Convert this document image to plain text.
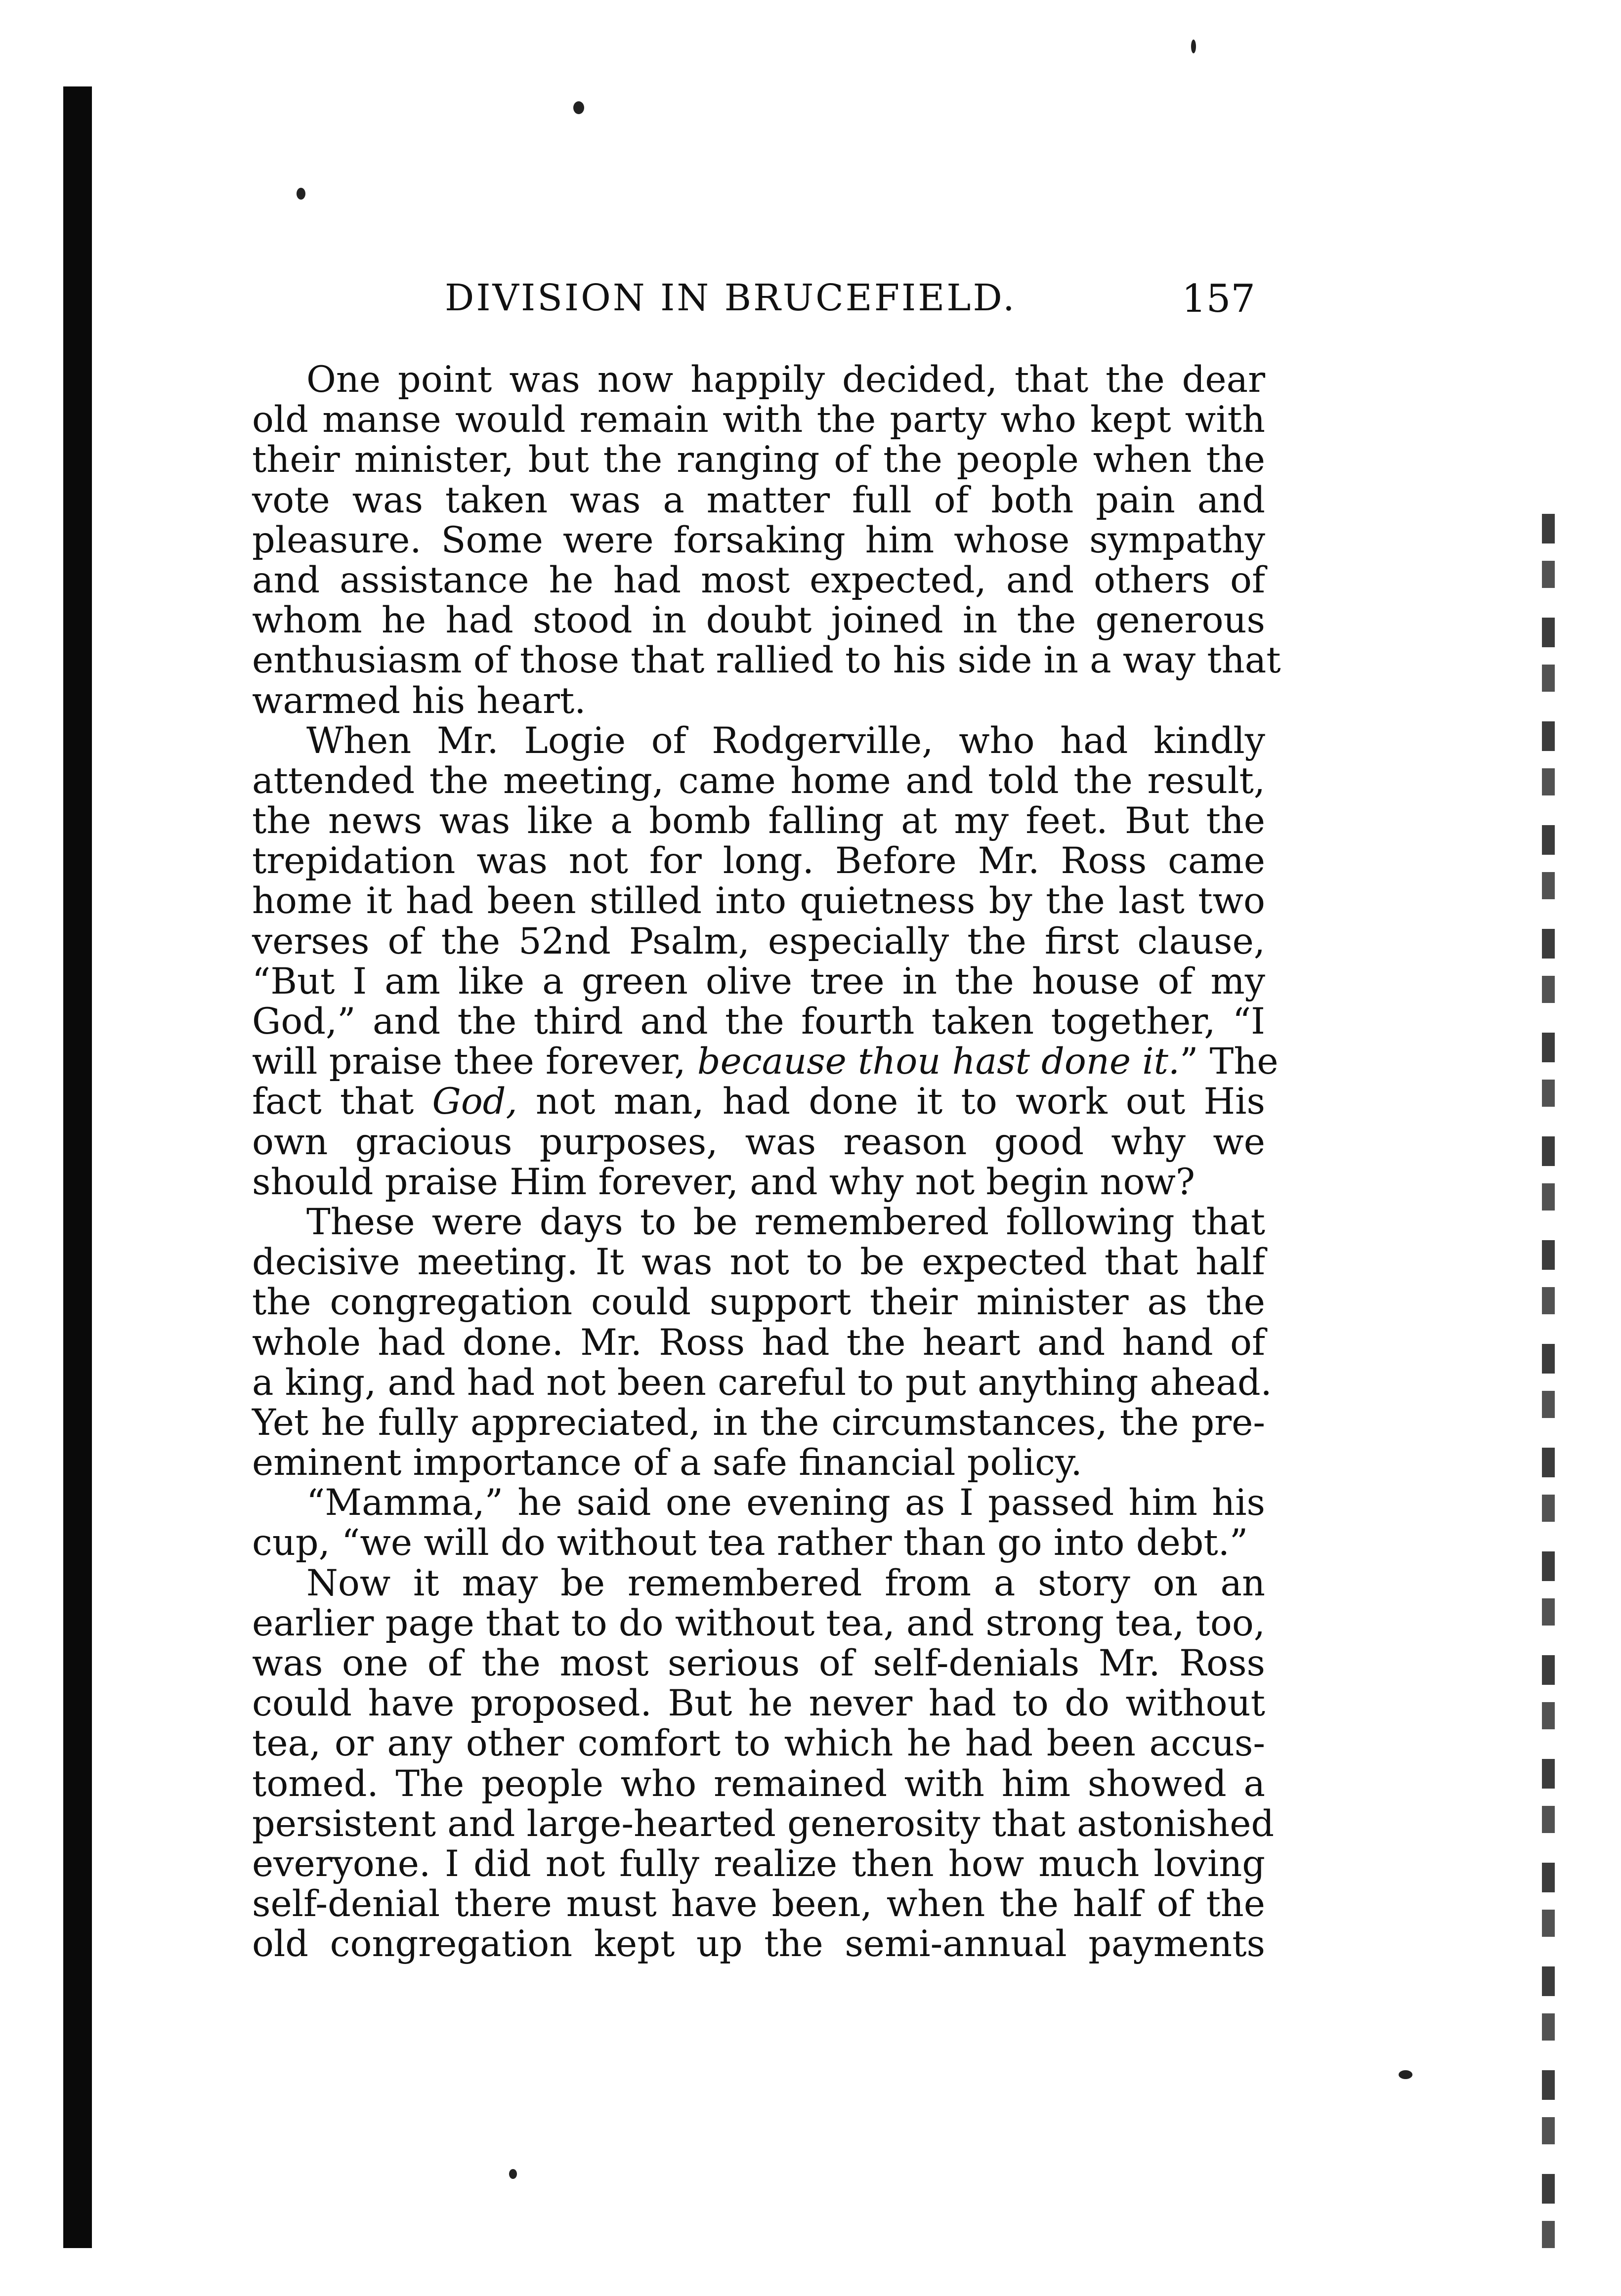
DIVISION IN BRUCEFIELD.	157
One point was now happily decided, that the dear
old manse would remain with the party who kept with
their minister, but the ranging of the people when the
vote was taken was a matter full of both pain and
pleasure. Some were forsaking him whose sympathy
and assistance he had most expected, and others of
whom he had stood in doubt joined in the generous
enthusiasm of those that rallied to his side in a way that
warmed his heart.
When Mr. Logie of Rodgerville, who had kindly
attended the meeting, came home and told the result,
the news was like a bomb falling at my feet. But the
trepidation was not for long. Before Mr. Ross came
home it had been stilled into quietness by the last two
verses of the 52nd Psalm, especially the first clause,
“But I am like a green olive tree in the house of my
God,” and the third and the fourth taken together, “I
will praise thee forever, because thou hast done it.” The
fact that God, not man, had done it to work out His
own gracious purposes, was reason good why we
should praise Him forever, and why not begin now?
These were days to be remembered following that
decisive meeting. It was not to be expected that half
the congregation could support their minister as the
whole had done. Mr. Ross had the heart and hand of
a king, and had not been careful to put anything ahead.
Yet he fully appreciated, in the circumstances, the pre-
eminent importance of a safe financial policy.
“Mamma,” he said one evening as I passed him his
cup, “we will do without tea rather than go into debt.”
Now it may be remembered from a story on an
earlier page that to do without tea, and strong tea, too,
was one of the most serious of self-denials Mr. Ross
could have proposed. But he never had to do without
tea, or any other comfort to which he had been accus-
tomed. The people who remained with him showed a
persistent and large-hearted generosity that astonished
everyone. I did not fully realize then how much loving
self-denial there must have been, when the half of the
old congregation kept up the semi-annual payments
